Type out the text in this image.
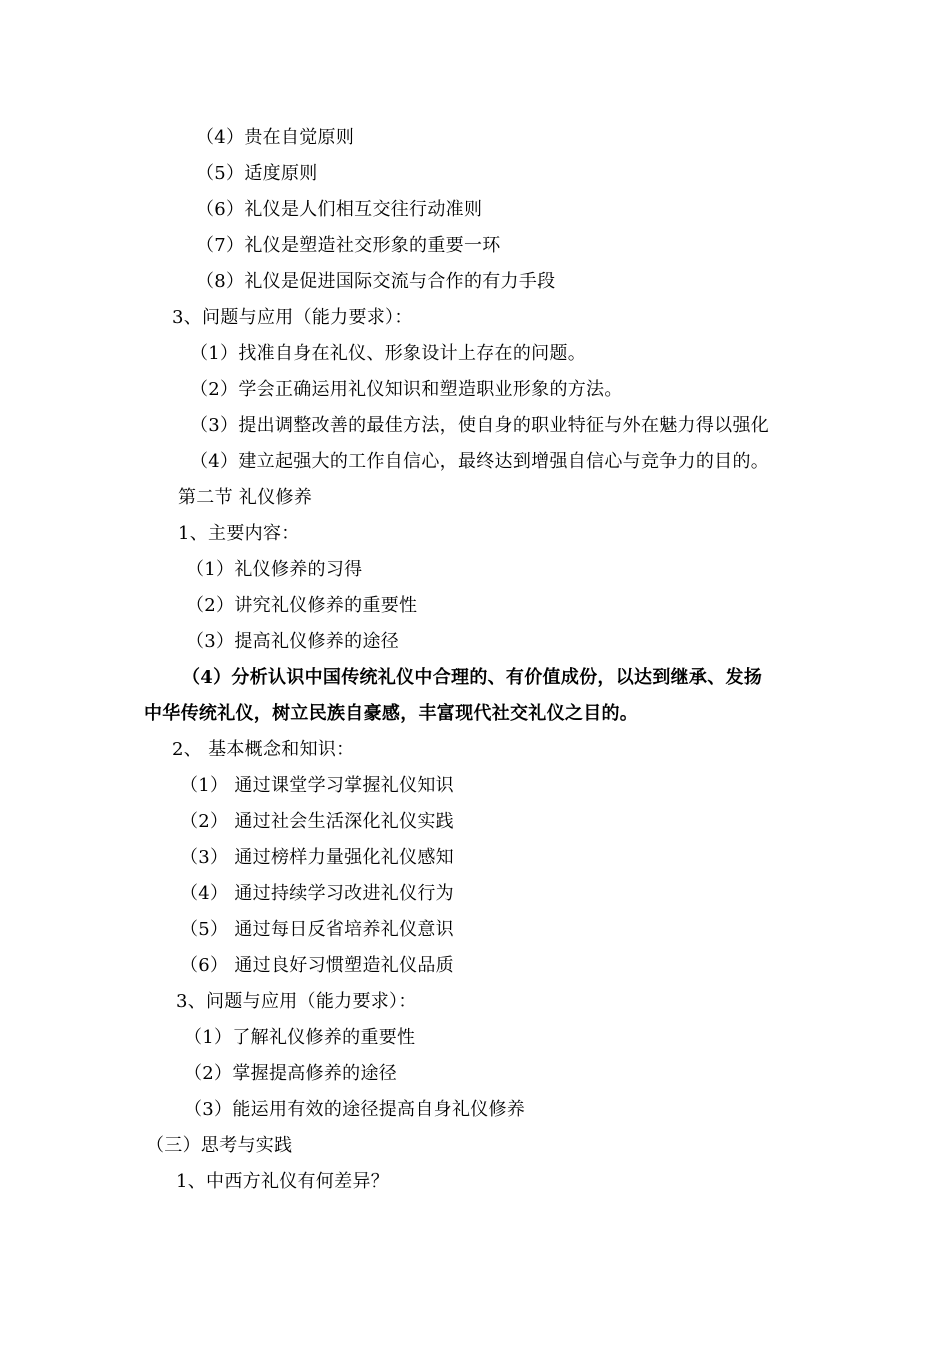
（4）贵在自觉原则
（5）适度原则
（6）礼仪是人们相互交往行动准则
（7）礼仪是塑造社交形象的重要一环
（8）礼仪是促进国际交流与合作的有力手段
3、问题与应用（能力要求）：
（1）找准自身在礼仪、形象设计上存在的问题。
（2）学会正确运用礼仪知识和塑造职业形象的方法。
（3）提出调整改善的最佳方法，使自身的职业特征与外在魅力得以强化
（4）建立起强大的工作自信心，最终达到增强自信心与竞争力的目的。
第二节 礼仪修养
1、主要内容：
（1）礼仪修养的习得
（2）讲究礼仪修养的重要性
（3）提高礼仪修养的途径
（4）分析认识中国传统礼仪中合理的、有价值成份，以达到继承、发扬
中华传统礼仪，树立民族自豪感，丰富现代社交礼仪之目的。
2、 基本概念和知识：
（1） 通过课堂学习掌握礼仪知识
（2） 通过社会生活深化礼仪实践
（3） 通过榜样力量强化礼仪感知
（4） 通过持续学习改进礼仪行为
（5） 通过每日反省培养礼仪意识
（6） 通过良好习惯塑造礼仪品质
3、问题与应用（能力要求）：
（1）了解礼仪修养的重要性
（2）掌握提高修养的途径
（3）能运用有效的途径提高自身礼仪修养
（三）思考与实践
1、中西方礼仪有何差异？
